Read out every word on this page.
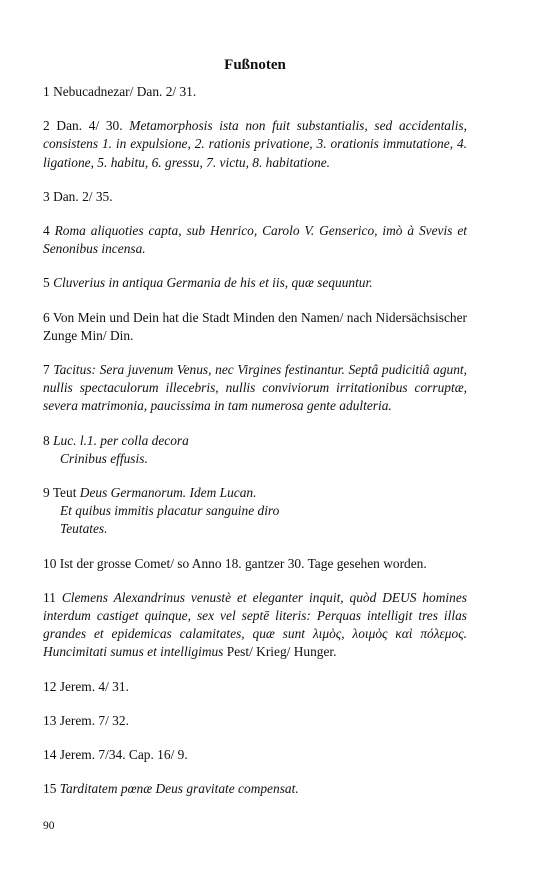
Fußnoten

1 Nebucadnezar/ Dan. 2/ 31.

2 Dan. 4/ 30. Metamorphosis ista non fuit substantialis, sed accidentalis, consistens 1. in expulsione, 2. rationis privatione, 3. orationis immutatione, 4. ligatione, 5. habitu, 6. gressu, 7. victu, 8. habitatione.

3 Dan. 2/ 35.

4 Roma aliquoties capta, sub Henrico, Carolo V. Genserico, imò à Svevis et Senonibus incensa.

5 Cluverius in antiqua Germania de his et iis, quæ sequuntur.

6 Von Mein und Dein hat die Stadt Minden den Namen/ nach Nidersächsischer Zunge Min/ Din.

7 Tacitus: Sera juvenum Venus, nec Virgines festinantur. Septâ pudicitiâ agunt, nullis spectaculorum illecebris, nullis conviviorum irritationibus corruptæ, severa matrimonia, paucissima in tam numerosa gente adulteria.

8 Luc. l.1. per colla decora
Crinibus effusis.

9 Teut Deus Germanorum. Idem Lucan.
Et quibus immitis placatur sanguine diro
Teutates.

10 Ist der grosse Comet/ so Anno 18. gantzer 30. Tage gesehen worden.

11 Clemens Alexandrinus venustè et eleganter inquit, quòd DEUS homines interdum castiget quinque, sex vel septē literis: Perquas intelligit tres illas grandes et epidemicas calamitates, quæ sunt λιμὸς, λοιμὸς καὶ πόλεμος. Huncimitati sumus et intelligimus Pest/ Krieg/ Hunger.

12 Jerem. 4/ 31.

13 Jerem. 7/ 32.

14 Jerem. 7/34. Cap. 16/ 9.

15 Tarditatem pœnæ Deus gravitate compensat.

90
